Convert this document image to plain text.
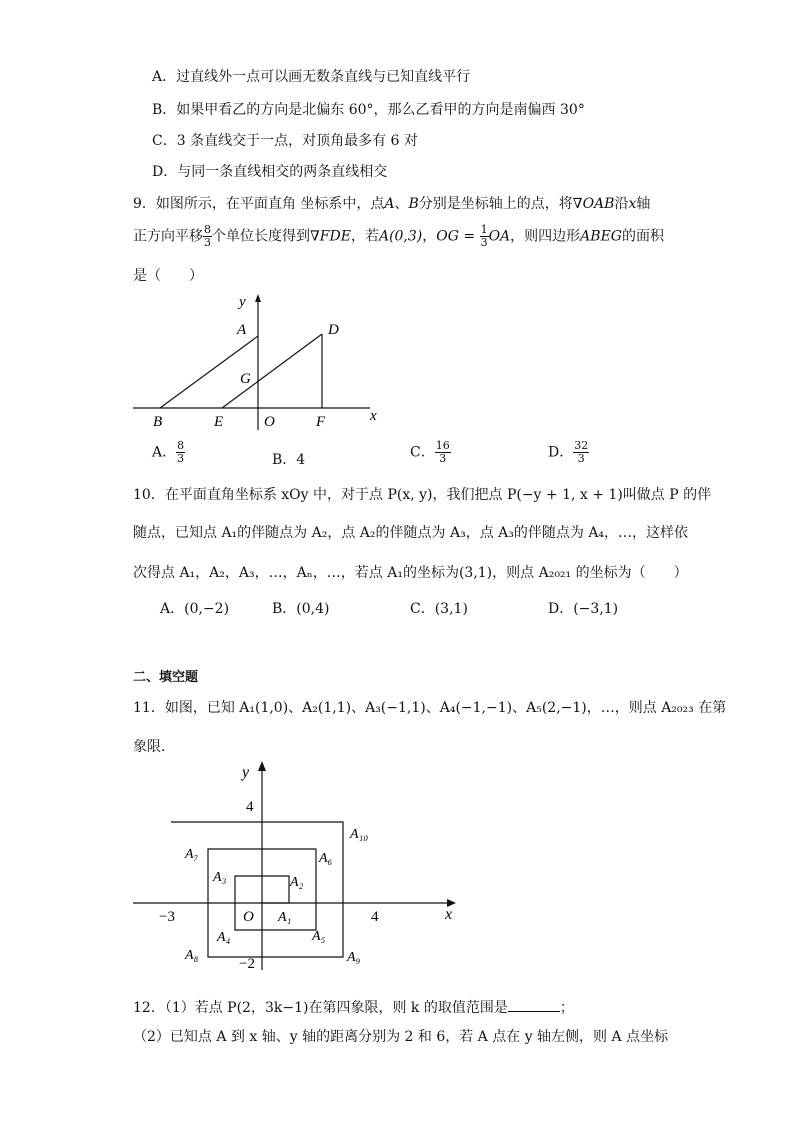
A．过直线外一点可以画无数条直线与已知直线平行
B．如果甲看乙的方向是北偏东 60°，那么乙看甲的方向是南偏西 30°
C．3 条直线交于一点，对顶角最多有 6 对
D．与同一条直线相交的两条直线相交
9．如图所示，在平面直角 坐标系中，点A、B分别是坐标轴上的点，将∇OAB沿x轴
正方向平移 $\frac{8}{3}$ 个单位长度得到∇FDE，若A(0,3)，OG = $\frac{1}{3}$ OA，则四边形ABEG的面积
是（　　）
y
x
A	D
G
B	E	O	F
A． $\frac{8}{3}$	B．4	C． $\frac{16}{3}$	D． $\frac{32}{3}$
10．在平面直角坐标系 xOy 中，对于点 P(x, y)，我们把点 P(−y + 1, x + 1)叫做点 P 的伴
随点，已知点 A₁的伴随点为 A₂，点 A₂的伴随点为 A₃，点 A₃的伴随点为 A₄，…，这样依
次得点 A₁，A₂，A₃，…，Aₙ，…，若点 A₁的坐标为(3,1)，则点 A₂₀₂₁ 的坐标为（　　）
A．(0,−2)	B．(0,4)	C．(3,1)	D．(−3,1)
二、填空题
11．如图，已知 A₁(1,0)、A₂(1,1)、A₃(−1,1)、A₄(−1,−1)、A₅(2,−1)，…，则点 A₂₀₂₃ 在第
象限．
y
x
4
4
−3
−2
O A₁
A₂
A₃
A₄	A₅
A₆
A₇
A₈	A₉
A₁₀
12．（1）若点 P(2，3k−1)在第四象限，则 k 的取值范围是	；
（2）已知点 A 到 x 轴、y 轴的距离分别为 2 和 6，若 A 点在 y 轴左侧，则 A 点坐标
